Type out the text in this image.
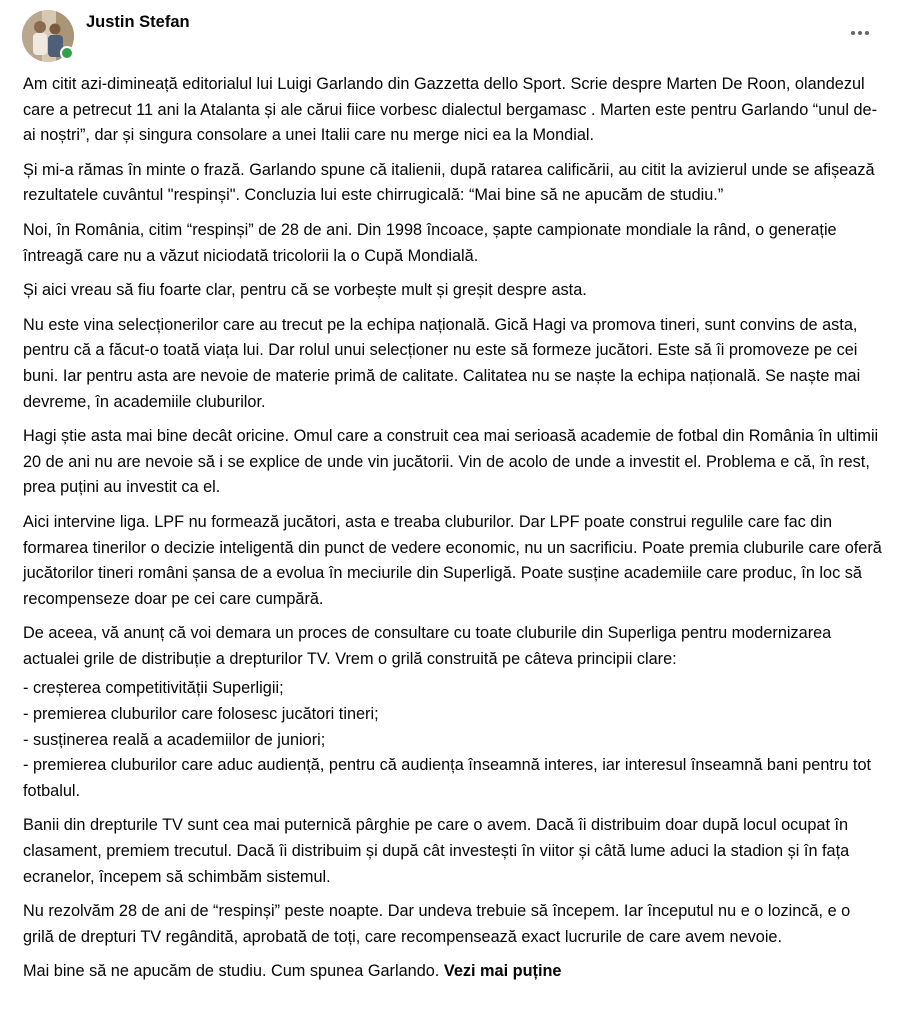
Justin Stefan

Am citit azi-dimineață editorialul lui Luigi Garlando din Gazzetta dello Sport. Scrie despre Marten De Roon, olandezul care a petrecut 11 ani la Atalanta și ale cărui fiice vorbesc dialectul bergamasc . Marten este pentru Garlando “unul de-ai noștri”, dar și singura consolare a unei Italii care nu merge nici ea la Mondial.

Și mi-a rămas în minte o frază. Garlando spune că italienii, după ratarea calificării, au citit la avizierul unde se afișează rezultatele cuvântul "respinși". Concluzia lui este chirrugicală: “Mai bine să ne apucăm de studiu.”

Noi, în România, citim “respinși” de 28 de ani. Din 1998 încoace, șapte campionate mondiale la rând, o generație întreagă care nu a văzut niciodată tricolorii la o Cupă Mondială.

Și aici vreau să fiu foarte clar, pentru că se vorbește mult și greșit despre asta.

Nu este vina selecționerilor care au trecut pe la echipa națională. Gică Hagi va promova tineri, sunt convins de asta, pentru că a făcut-o toată viața lui. Dar rolul unui selecționer nu este să formeze jucători. Este să îi promoveze pe cei buni. Iar pentru asta are nevoie de materie primă de calitate. Calitatea nu se naște la echipa națională. Se naște mai devreme, în academiile cluburilor.

Hagi știe asta mai bine decât oricine. Omul care a construit cea mai serioasă academie de fotbal din România în ultimii 20 de ani nu are nevoie să i se explice de unde vin jucătorii. Vin de acolo de unde a investit el. Problema e că, în rest, prea puțini au investit ca el.

Aici intervine liga. LPF nu formează jucători, asta e treaba cluburilor. Dar LPF poate construi regulile care fac din formarea tinerilor o decizie inteligentă din punct de vedere economic, nu un sacrificiu. Poate premia cluburile care oferă jucătorilor tineri români șansa de a evolua în meciurile din Superligă. Poate susține academiile care produc, în loc să recompenseze doar pe cei care cumpără.

De aceea, vă anunț că voi demara un proces de consultare cu toate cluburile din Superliga pentru modernizarea actualei grile de distribuție a drepturilor TV. Vrem o grilă construită pe câteva principii clare:

- creșterea competitivității Superligii;
- premierea cluburilor care folosesc jucători tineri;
- susținerea reală a academiilor de juniori;
- premierea cluburilor care aduc audiență, pentru că audiența înseamnă interes, iar interesul înseamnă bani pentru tot fotbalul.

Banii din drepturile TV sunt cea mai puternică pârghie pe care o avem. Dacă îi distribuim doar după locul ocupat în clasament, premiem trecutul. Dacă îi distribuim și după cât investești în viitor și câtă lume aduci la stadion și în fața ecranelor, începem să schimbăm sistemul.

Nu rezolvăm 28 de ani de “respinși” peste noapte. Dar undeva trebuie să începem. Iar începutul nu e o lozincă, e o grilă de drepturi TV regândită, aprobată de toți, care recompensează exact lucrurile de care avem nevoie.

Mai bine să ne apucăm de studiu. Cum spunea Garlando. Vezi mai puține
